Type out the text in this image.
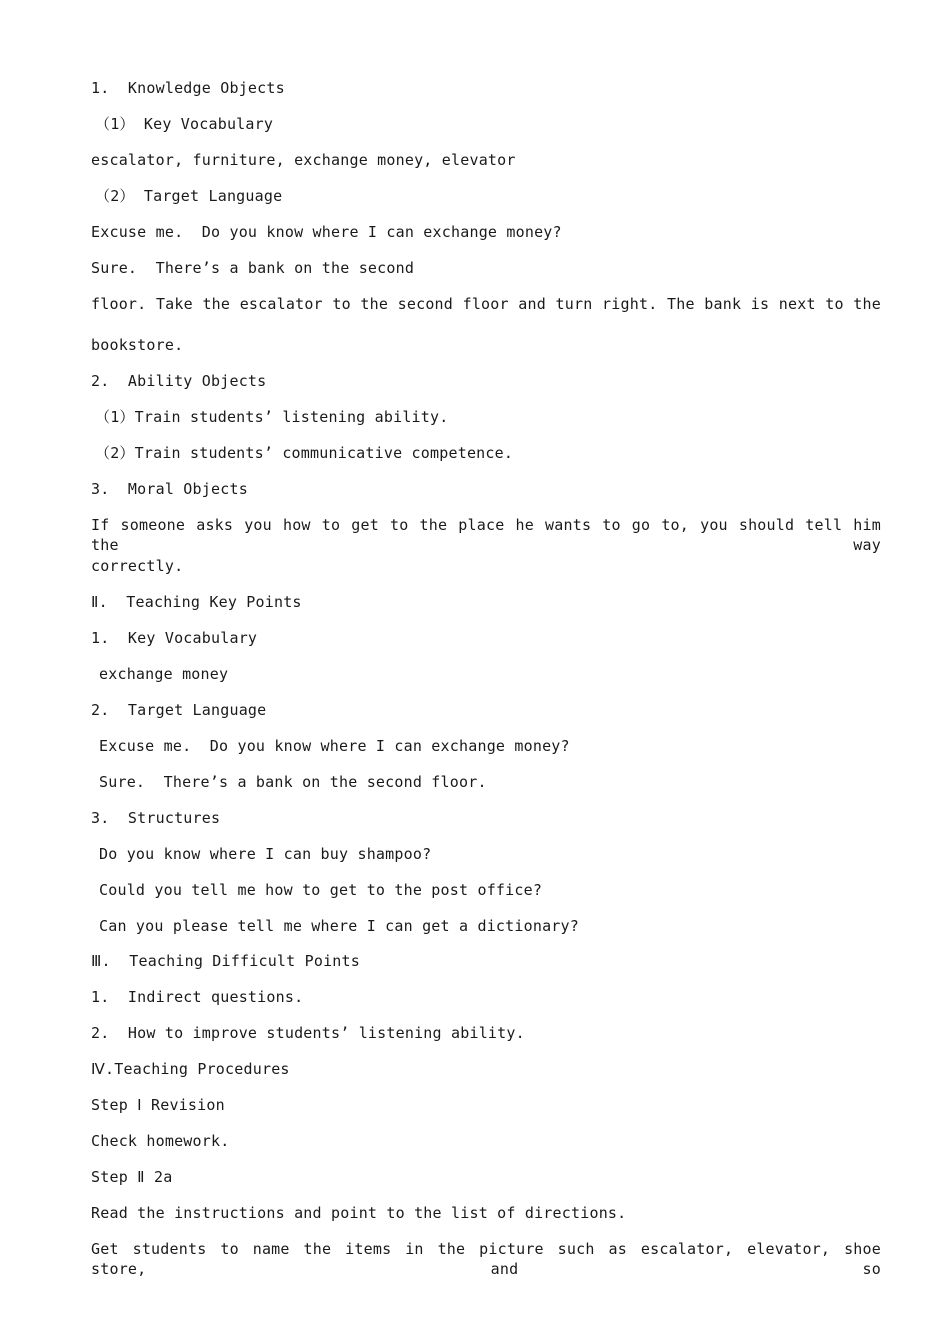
1.  Knowledge Objects
（1） Key Vocabulary
escalator, furniture, exchange money, elevator
（2） Target Language
Excuse me.  Do you know where I can exchange money?
Sure.  There’s a bank on the second
floor. Take the escalator to the second floor and turn right. The bank is next to the
bookstore.
2.  Ability Objects
（1）Train students’ listening ability.
（2）Train students’ communicative competence.
3.  Moral Objects
If someone asks you how to get to the place he wants to go to, you should tell him the way
correctly.
Ⅱ.  Teaching Key Points
1.  Key Vocabulary
exchange money
2.  Target Language
Excuse me.  Do you know where I can exchange money?
Sure.  There’s a bank on the second floor.
3.  Structures
Do you know where I can buy shampoo?
Could you tell me how to get to the post office?
Can you please tell me where I can get a dictionary?
Ⅲ.  Teaching Difficult Points
1.  Indirect questions.
2.  How to improve students’ listening ability.
Ⅳ.Teaching Procedures
Step Ⅰ Revision
Check homework.
Step Ⅱ 2a
Read the instructions and point to the list of directions.
Get students to name the items in the picture such as escalator, elevator, shoe store, and so
